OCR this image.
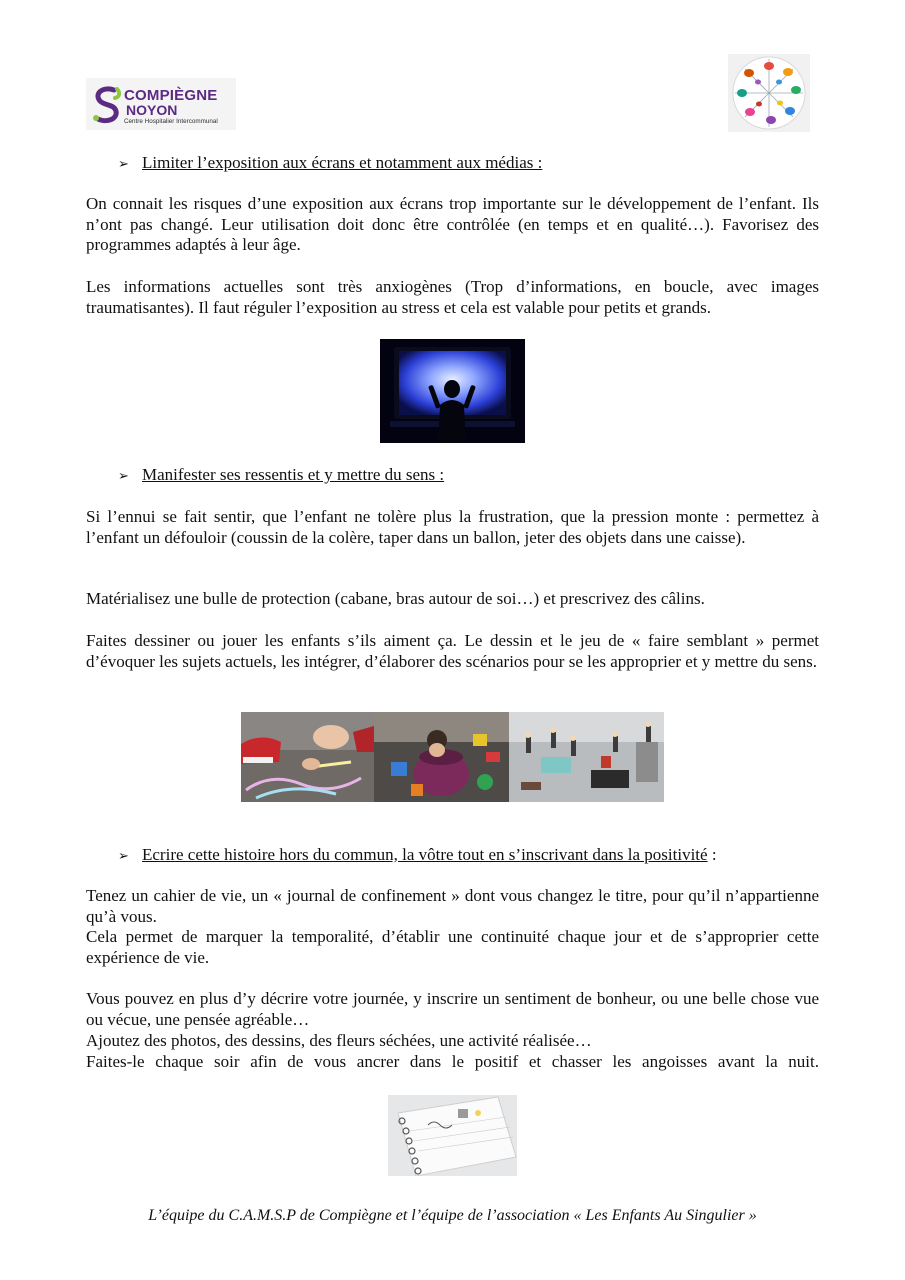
COMPIÈGNE
NOYON
Centre Hospitalier Intercommunal
➢ Limiter l’exposition aux écrans et notamment aux médias :

On connait les risques d’une exposition aux écrans trop importante sur le développement de l’enfant. Ils n’ont pas changé. Leur utilisation doit donc être contrôlée (en temps et en qualité…). Favorisez des programmes adaptés à leur âge.

Les informations actuelles sont très anxiogènes (Trop d’informations, en boucle, avec images traumatisantes). Il faut réguler l’exposition au stress et cela est valable pour petits et grands.

➢ Manifester ses ressentis et y mettre du sens :

Si l’ennui se fait sentir, que l’enfant ne tolère plus la frustration, que la pression monte : permettez à l’enfant un défouloir (coussin de la colère, taper dans un ballon, jeter des objets dans une caisse).

Matérialisez une bulle de protection (cabane, bras autour de soi…) et prescrivez des câlins.

Faites dessiner ou jouer les enfants s’ils aiment ça. Le dessin et le jeu de « faire semblant » permet d’évoquer les sujets actuels, les intégrer, d’élaborer des scénarios pour se les approprier et y mettre du sens.

➢ Ecrire cette histoire hors du commun, la vôtre tout en s’inscrivant dans la positivité :

Tenez un cahier de vie, un « journal de confinement » dont vous changez le titre, pour qu’il n’appartienne qu’à vous.

Cela permet de marquer la temporalité, d’établir une continuité chaque jour et de s’approprier cette expérience de vie.

Vous pouvez en plus d’y décrire votre journée, y inscrire un sentiment de bonheur, ou une belle chose vue ou vécue, une pensée agréable…

Ajoutez des photos, des dessins, des fleurs séchées, une activité réalisée…

Faites-le chaque soir afin de vous ancrer dans le positif et chasser les angoisses avant la nuit.

L’équipe du C.A.M.S.P de Compiègne et l’équipe de l’association « Les Enfants Au Singulier »
